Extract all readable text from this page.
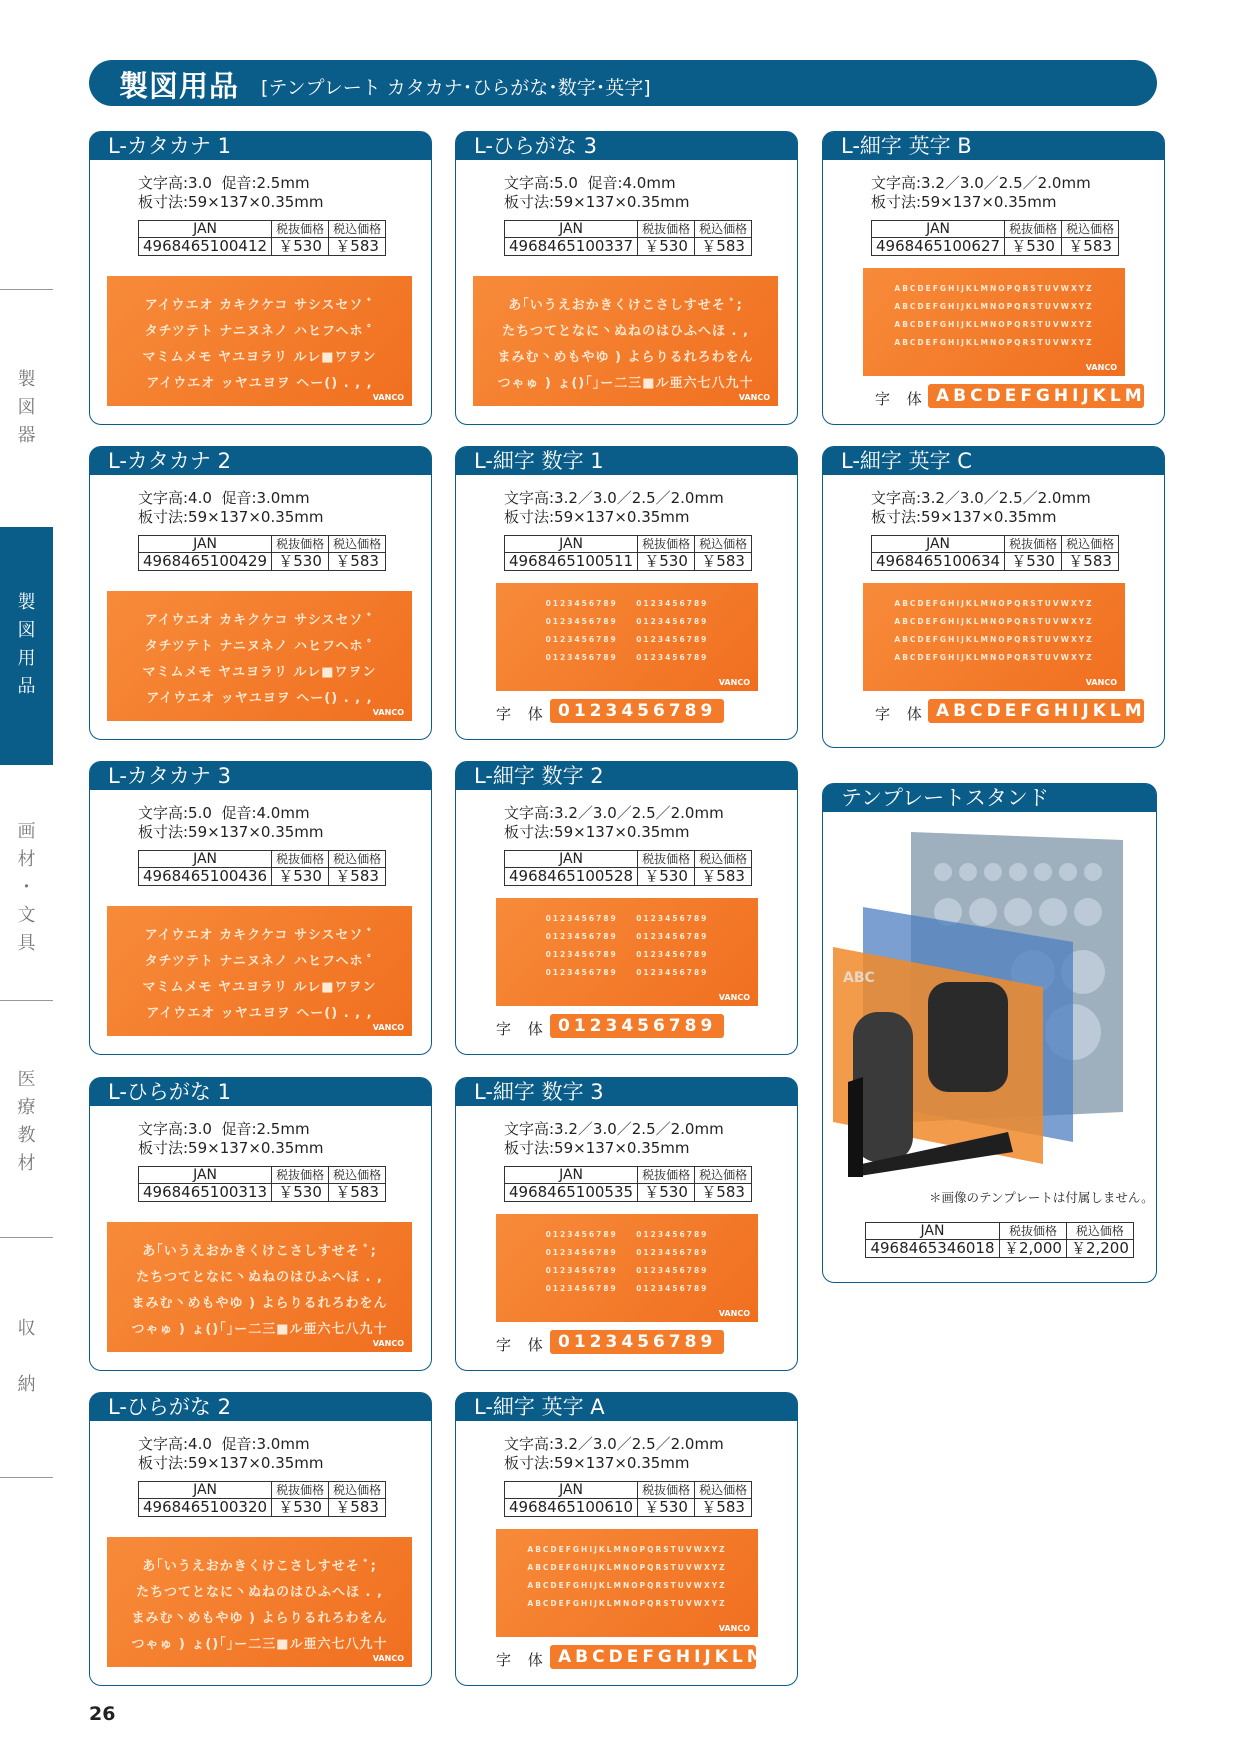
製図用品 [テンプレート カタカナ･ひらがな･数字･英字]
製
図
器
製
図
用
品
画
材
･
文
具
医
療
教
材
収

納
L-カタカナ 1
文字高:3.0  促音:2.5mm
板寸法:59×137×0.35mm
JAN	税抜価格	税込価格
4968465100412	￥530	￥583
アイウエオ カキクケコ サシスセソ ﾞ
タチツテト ナニヌネノ ハヒフヘホ ﾟ
マミムメモ ヤユヨラリ ルレ■ワヲン
アイウエオ ッヤユヨヲ ヘー() . , ,
VANCO
L-ひらがな 3
文字高:5.0  促音:4.0mm
板寸法:59×137×0.35mm
JAN	税抜価格	税込価格
4968465100337	￥530	￥583
あ｢いうえおかきくけこさしすせそ ﾞ;
たちつてとなに丶ぬねのはひふへほ . ,
まみむ丶めもやゆ ) よらりるれろわをん
つゃゅ ) ょ()｢｣ー二三■ル亜六七八九十
VANCO
L-細字 英字 B
文字高:3.2／3.0／2.5／2.0mm
板寸法:59×137×0.35mm
JAN	税抜価格	税込価格
4968465100627	￥530	￥583
ABCDEFGHIJKLMNOPQRSTUVWXYZ
ABCDEFGHIJKLMNOPQRSTUVWXYZ
ABCDEFGHIJKLMNOPQRSTUVWXYZ
ABCDEFGHIJKLMNOPQRSTUVWXYZ
VANCO
字 体 ABCDEFGHIJKLMN
L-カタカナ 2
文字高:4.0  促音:3.0mm
板寸法:59×137×0.35mm
JAN	税抜価格	税込価格
4968465100429	￥530	￥583
アイウエオ カキクケコ サシスセソ ﾞ
タチツテト ナニヌネノ ハヒフヘホ ﾟ
マミムメモ ヤユヨラリ ルレ■ワヲン
アイウエオ ッヤユヨヲ ヘー() . , ,
VANCO
L-細字 数字 1
文字高:3.2／3.0／2.5／2.0mm
板寸法:59×137×0.35mm
JAN	税抜価格	税込価格
4968465100511	￥530	￥583
0123456789    0123456789
0123456789    0123456789
0123456789    0123456789
0123456789    0123456789
VANCO
字 体 0123456789
L-細字 英字 C
文字高:3.2／3.0／2.5／2.0mm
板寸法:59×137×0.35mm
JAN	税抜価格	税込価格
4968465100634	￥530	￥583
ABCDEFGHIJKLMNOPQRSTUVWXYZ
ABCDEFGHIJKLMNOPQRSTUVWXYZ
ABCDEFGHIJKLMNOPQRSTUVWXYZ
ABCDEFGHIJKLMNOPQRSTUVWXYZ
VANCO
字 体 ABCDEFGHIJKLM
L-カタカナ 3
文字高:5.0  促音:4.0mm
板寸法:59×137×0.35mm
JAN	税抜価格	税込価格
4968465100436	￥530	￥583
アイウエオ カキクケコ サシスセソ ﾞ
タチツテト ナニヌネノ ハヒフヘホ ﾟ
マミムメモ ヤユヨラリ ルレ■ワヲン
アイウエオ ッヤユヨヲ ヘー() . , ,
VANCO
L-細字 数字 2
文字高:3.2／3.0／2.5／2.0mm
板寸法:59×137×0.35mm
JAN	税抜価格	税込価格
4968465100528	￥530	￥583
0123456789    0123456789
0123456789    0123456789
0123456789    0123456789
0123456789    0123456789
VANCO
字 体 0123456789
L-ひらがな 1
文字高:3.0  促音:2.5mm
板寸法:59×137×0.35mm
JAN	税抜価格	税込価格
4968465100313	￥530	￥583
あ｢いうえおかきくけこさしすせそ ﾞ;
たちつてとなに丶ぬねのはひふへほ . ,
まみむ丶めもやゆ ) よらりるれろわをん
つゃゅ ) ょ()｢｣ー二三■ル亜六七八九十
VANCO
L-細字 数字 3
文字高:3.2／3.0／2.5／2.0mm
板寸法:59×137×0.35mm
JAN	税抜価格	税込価格
4968465100535	￥530	￥583
0123456789    0123456789
0123456789    0123456789
0123456789    0123456789
0123456789    0123456789
VANCO
字 体 0123456789
L-ひらがな 2
文字高:4.0  促音:3.0mm
板寸法:59×137×0.35mm
JAN	税抜価格	税込価格
4968465100320	￥530	￥583
あ｢いうえおかきくけこさしすせそ ﾞ;
たちつてとなに丶ぬねのはひふへほ . ,
まみむ丶めもやゆ ) よらりるれろわをん
つゃゅ ) ょ()｢｣ー二三■ル亜六七八九十
VANCO
L-細字 英字 A
文字高:3.2／3.0／2.5／2.0mm
板寸法:59×137×0.35mm
JAN	税抜価格	税込価格
4968465100610	￥530	￥583
ABCDEFGHIJKLMNOPQRSTUVWXYZ
ABCDEFGHIJKLMNOPQRSTUVWXYZ
ABCDEFGHIJKLMNOPQRSTUVWXYZ
ABCDEFGHIJKLMNOPQRSTUVWXYZ
VANCO
字 体 ABCDEFGHIJKLMN
テンプレートスタンド
ABC
＊画像のテンプレートは付属しません。
JAN	税抜価格	税込価格
4968465346018	￥2,000	￥2,200
26
